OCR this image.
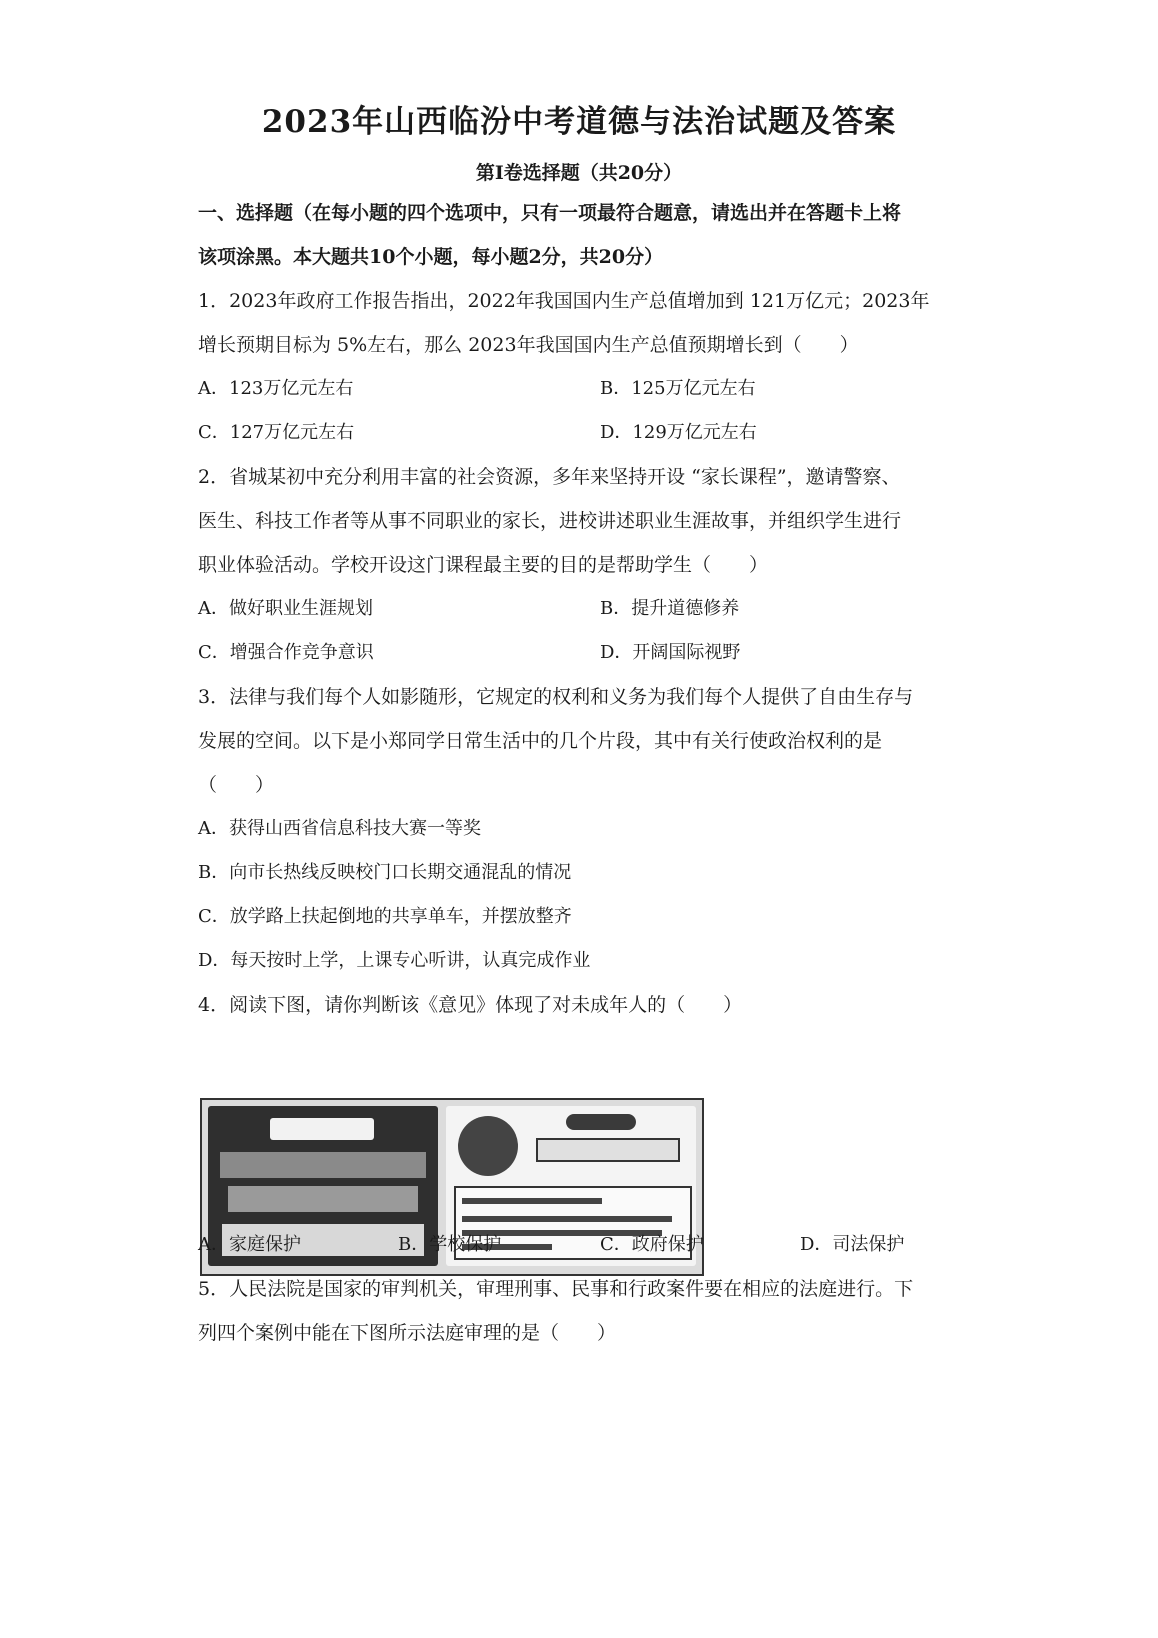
2023年山西临汾中考道德与法治试题及答案
第Ⅰ卷选择题（共20分）
一、选择题（在每小题的四个选项中，只有一项最符合题意，请选出并在答题卡上将
该项涂黑。本大题共10个小题，每小题2分，共20分）
1．2023年政府工作报告指出，2022年我国国内生产总值增加到 121万亿元；2023年
增长预期目标为 5%左右，那么 2023年我国国内生产总值预期增长到（　　）
A．123万亿元左右	B．125万亿元左右
C．127万亿元左右	D．129万亿元左右
2．省城某初中充分利用丰富的社会资源，多年来坚持开设 “家长课程”，邀请警察、
医生、科技工作者等从事不同职业的家长，进校讲述职业生涯故事，并组织学生进行
职业体验活动。学校开设这门课程最主要的目的是帮助学生（　　）
A．做好职业生涯规划	B．提升道德修养
C．增强合作竞争意识	D．开阔国际视野
3．法律与我们每个人如影随形，它规定的权利和义务为我们每个人提供了自由生存与
发展的空间。以下是小郑同学日常生活中的几个片段，其中有关行使政治权利的是
（　　）
A．获得山西省信息科技大赛一等奖
B．向市长热线反映校门口长期交通混乱的情况
C．放学路上扶起倒地的共享单车，并摆放整齐
D．每天按时上学，上课专心听讲，认真完成作业
4．阅读下图，请你判断该《意见》体现了对未成年人的（　　）
A．家庭保护	B．学校保护	C．政府保护	D．司法保护
5．人民法院是国家的审判机关，审理刑事、民事和行政案件要在相应的法庭进行。下
列四个案例中能在下图所示法庭审理的是（　　）
